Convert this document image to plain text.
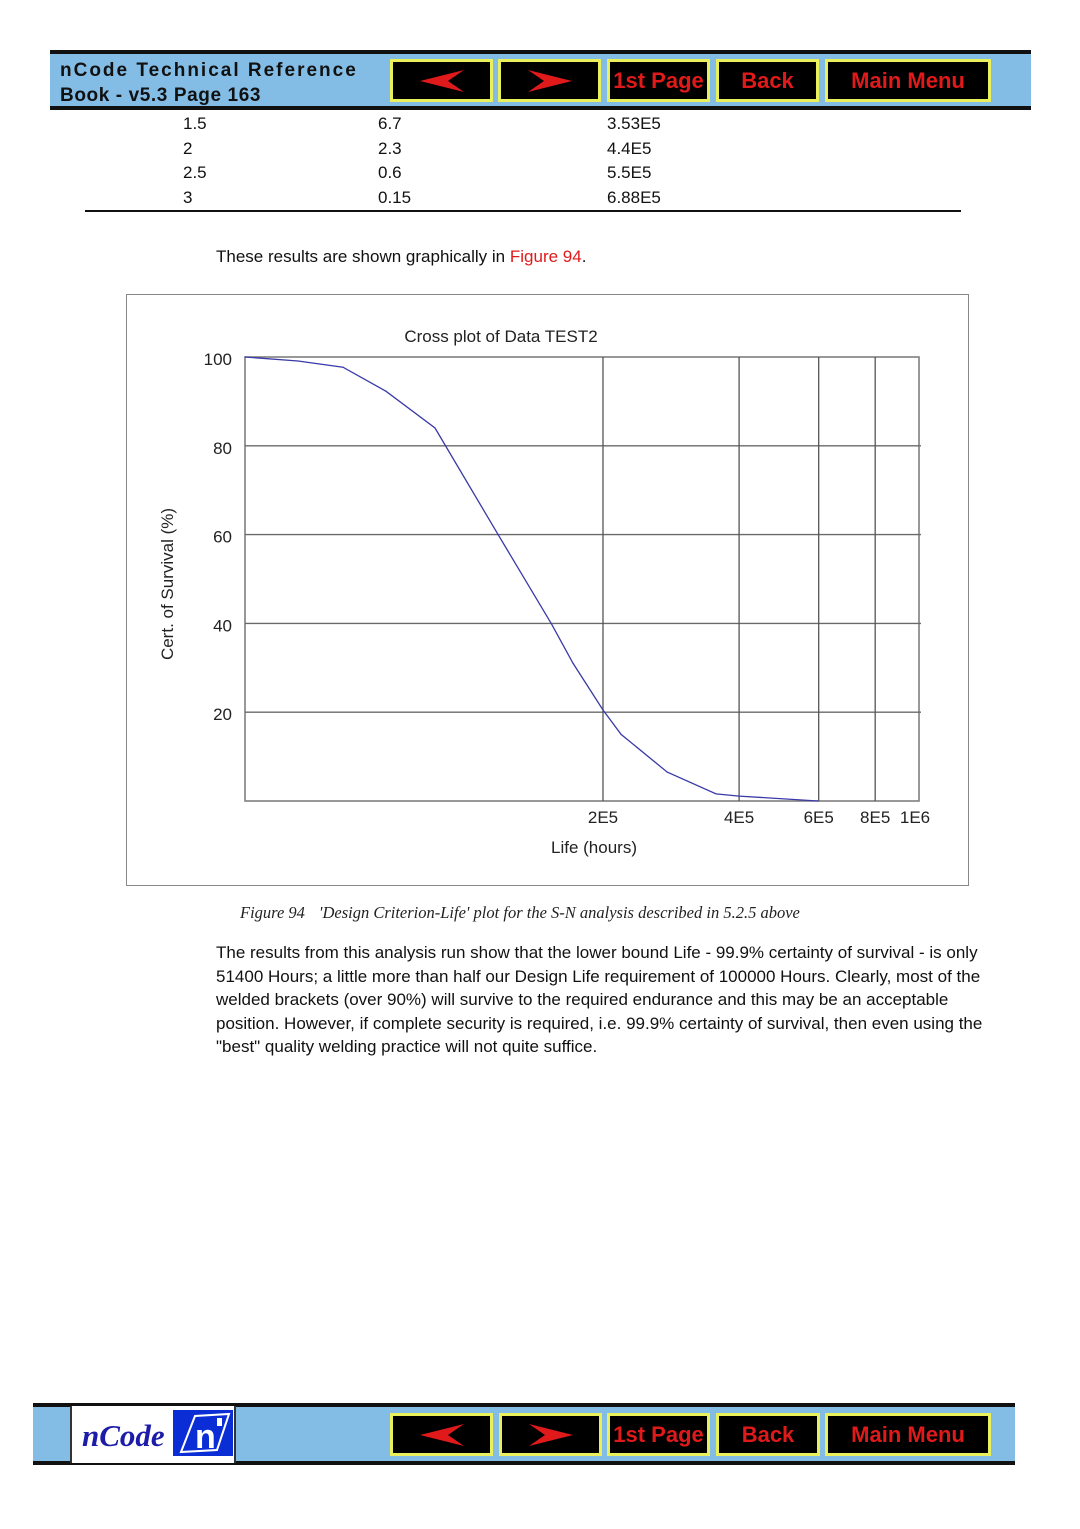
nCode Technical Reference
Book - v5.3 Page 163
1st Page	Back	Main Menu
1.5	6.7	3.53E5
2	2.3	4.4E5
2.5	0.6	5.5E5
3	0.15	6.88E5
These results are shown graphically in Figure 94.
20
40
60
80
100
2E5	4E5	6E5 8E5 1E6
Cross plot of Data TEST2
Life (hours)
Cert. of Survival (%)
Figure 94 'Design Criterion-Life' plot for the S-N analysis described in 5.2.5 above
The results from this analysis run show that the lower bound Life - 99.9% certainty of survival - is only 51400 Hours; a little more than half our Design Life requirement of 100000 Hours. Clearly, most of the welded brackets (over 90%) will survive to the required endurance and this may be an acceptable position. However, if complete security is required, i.e. 99.9% certainty of survival, then even using the "best" quality welding practice will not quite suffice.
nCode n	1st Page	Back	Main Menu
